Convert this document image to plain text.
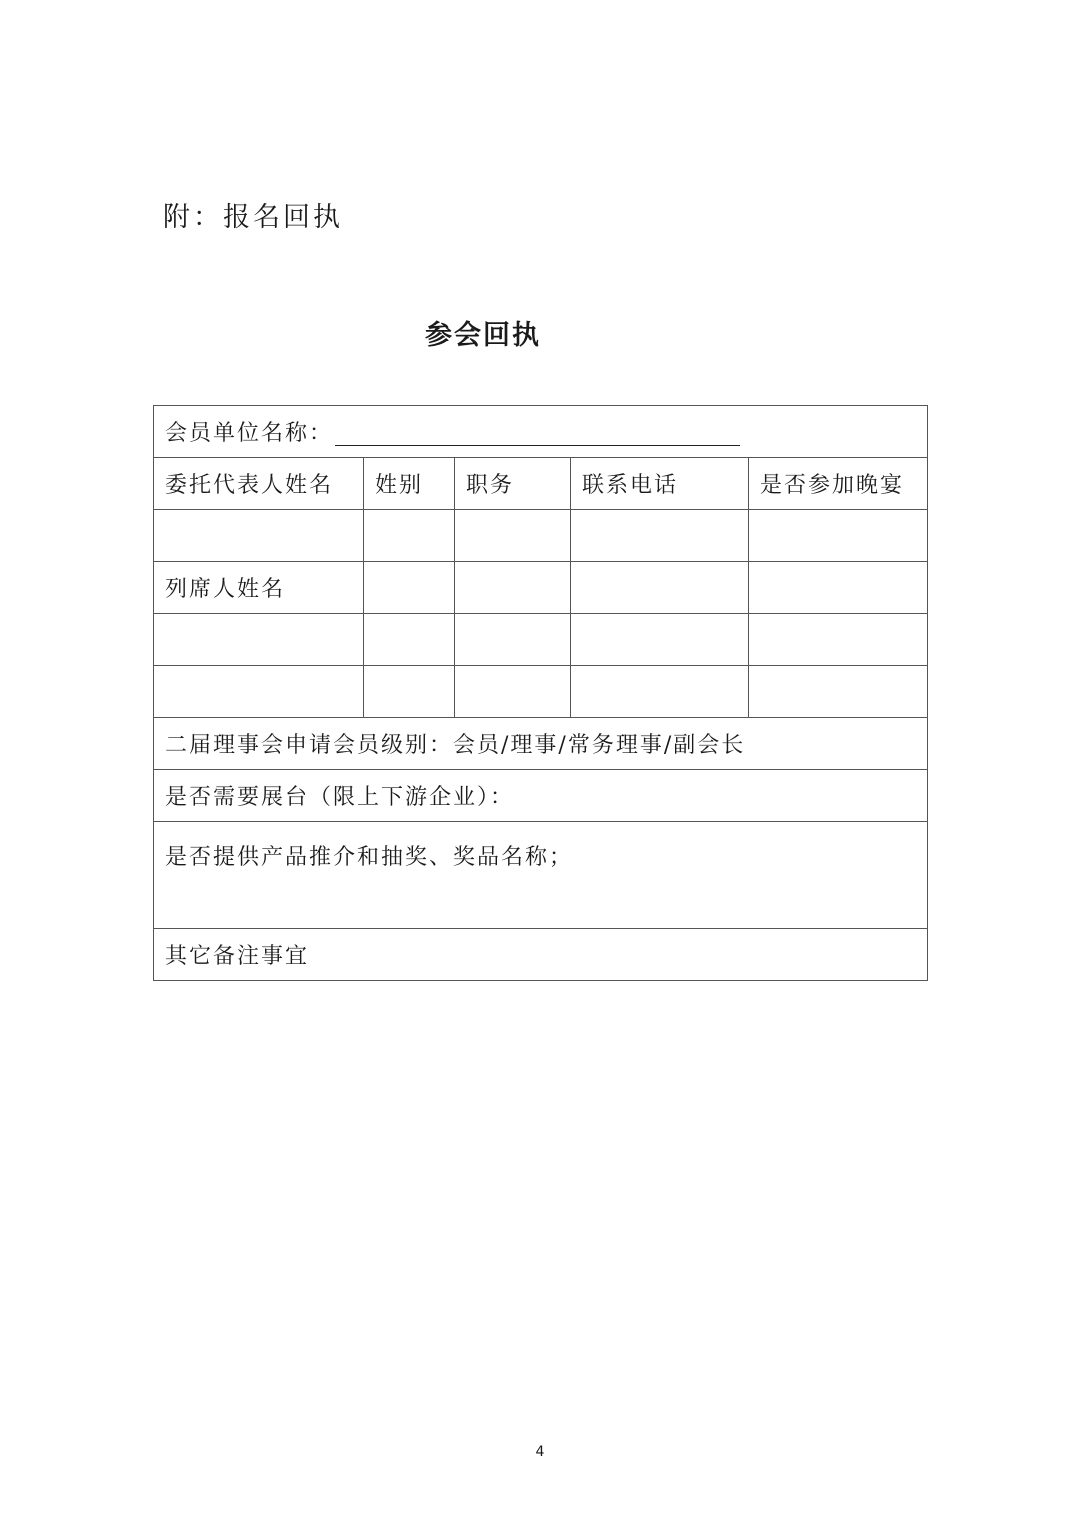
附：报名回执
参会回执
会员单位名称：				
委托代表人姓名	姓别	职务	联系电话	是否参加晚宴

列席人姓名				

二届理事会申请会员级别：会员/理事/常务理事/副会长				
是否需要展台（限上下游企业）：				
是否提供产品推介和抽奖、奖品名称；				
其它备注事宜				
4
